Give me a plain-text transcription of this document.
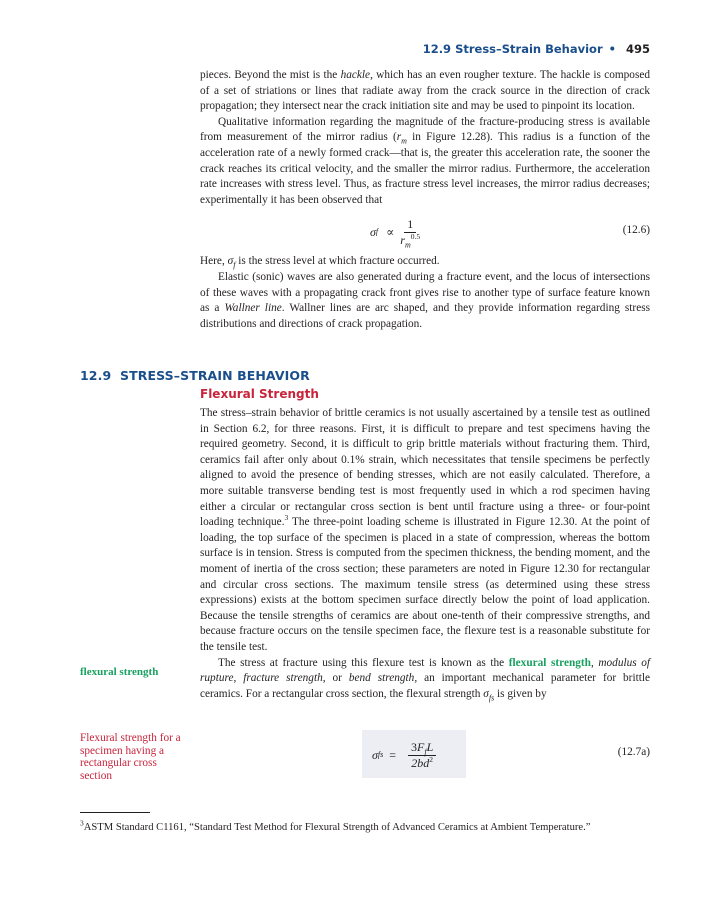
12.9 Stress–Strain Behavior • 495

pieces. Beyond the mist is the hackle, which has an even rougher texture. The hackle is composed of a set of striations or lines that radiate away from the crack source in the direction of crack propagation; they intersect near the crack initiation site and may be used to pinpoint its location.

Qualitative information regarding the magnitude of the fracture-producing stress is available from measurement of the mirror radius ($r_m$ in Figure 12.28). This radius is a function of the acceleration rate of a newly formed crack—that is, the greater this acceleration rate, the sooner the crack reaches its critical velocity, and the smaller the mirror radius. Furthermore, the acceleration rate increases with stress level. Thus, as fracture stress level increases, the mirror radius decreases; experimentally it has been observed that

σ $f \propto \frac{1}{r_m^{0.5}}$	(12.6)

Here, $\sigma_f$ is the stress level at which fracture occurred.

Elastic (sonic) waves are also generated during a fracture event, and the locus of intersections of these waves with a propagating crack front gives rise to another type of surface feature known as a Wallner line. Wallner lines are arc shaped, and they provide information regarding stress distributions and directions of crack propagation.

12.9 STRESS–STRAIN BEHAVIOR
Flexural Strength

The stress–strain behavior of brittle ceramics is not usually ascertained by a tensile test as outlined in Section 6.2, for three reasons. First, it is difficult to prepare and test specimens having the required geometry. Second, it is difficult to grip brittle materials without fracturing them. Third, ceramics fail after only about 0.1% strain, which necessitates that tensile specimens be perfectly aligned to avoid the presence of bending stresses, which are not easily calculated. Therefore, a more suitable transverse bending test is most frequently used in which a rod specimen having either a circular or rectangular cross section is bent until fracture using a three- or four-point loading technique.$^3$ The three-point loading scheme is illustrated in Figure 12.30. At the point of loading, the top surface of the specimen is placed in a state of compression, whereas the bottom surface is in tension. Stress is computed from the specimen thickness, the bending moment, and the moment of inertia of the cross section; these parameters are noted in Figure 12.30 for rectangular and circular cross sections. The maximum tensile stress (as determined using these stress expressions) exists at the bottom specimen surface directly below the point of load application. Because the tensile strengths of ceramics are about one-tenth of their compressive strengths, and because fracture occurs on the tensile specimen face, the flexure test is a reasonable substitute for the tensile test.

The stress at fracture using this flexure test is known as the flexural strength, modulus of rupture, fracture strength, or bend strength, an important mechanical parameter for brittle ceramics. For a rectangular cross section, the flexural strength $\sigma_{fs}$ is given by

flexural strength
Flexural strength for a specimen having a rectangular cross section
σ fs = $\frac{3F_fL}{2bd^2}$	(12.7a)
$^3$ASTM Standard C1161, “Standard Test Method for Flexural Strength of Advanced Ceramics at Ambient Temperature.”
